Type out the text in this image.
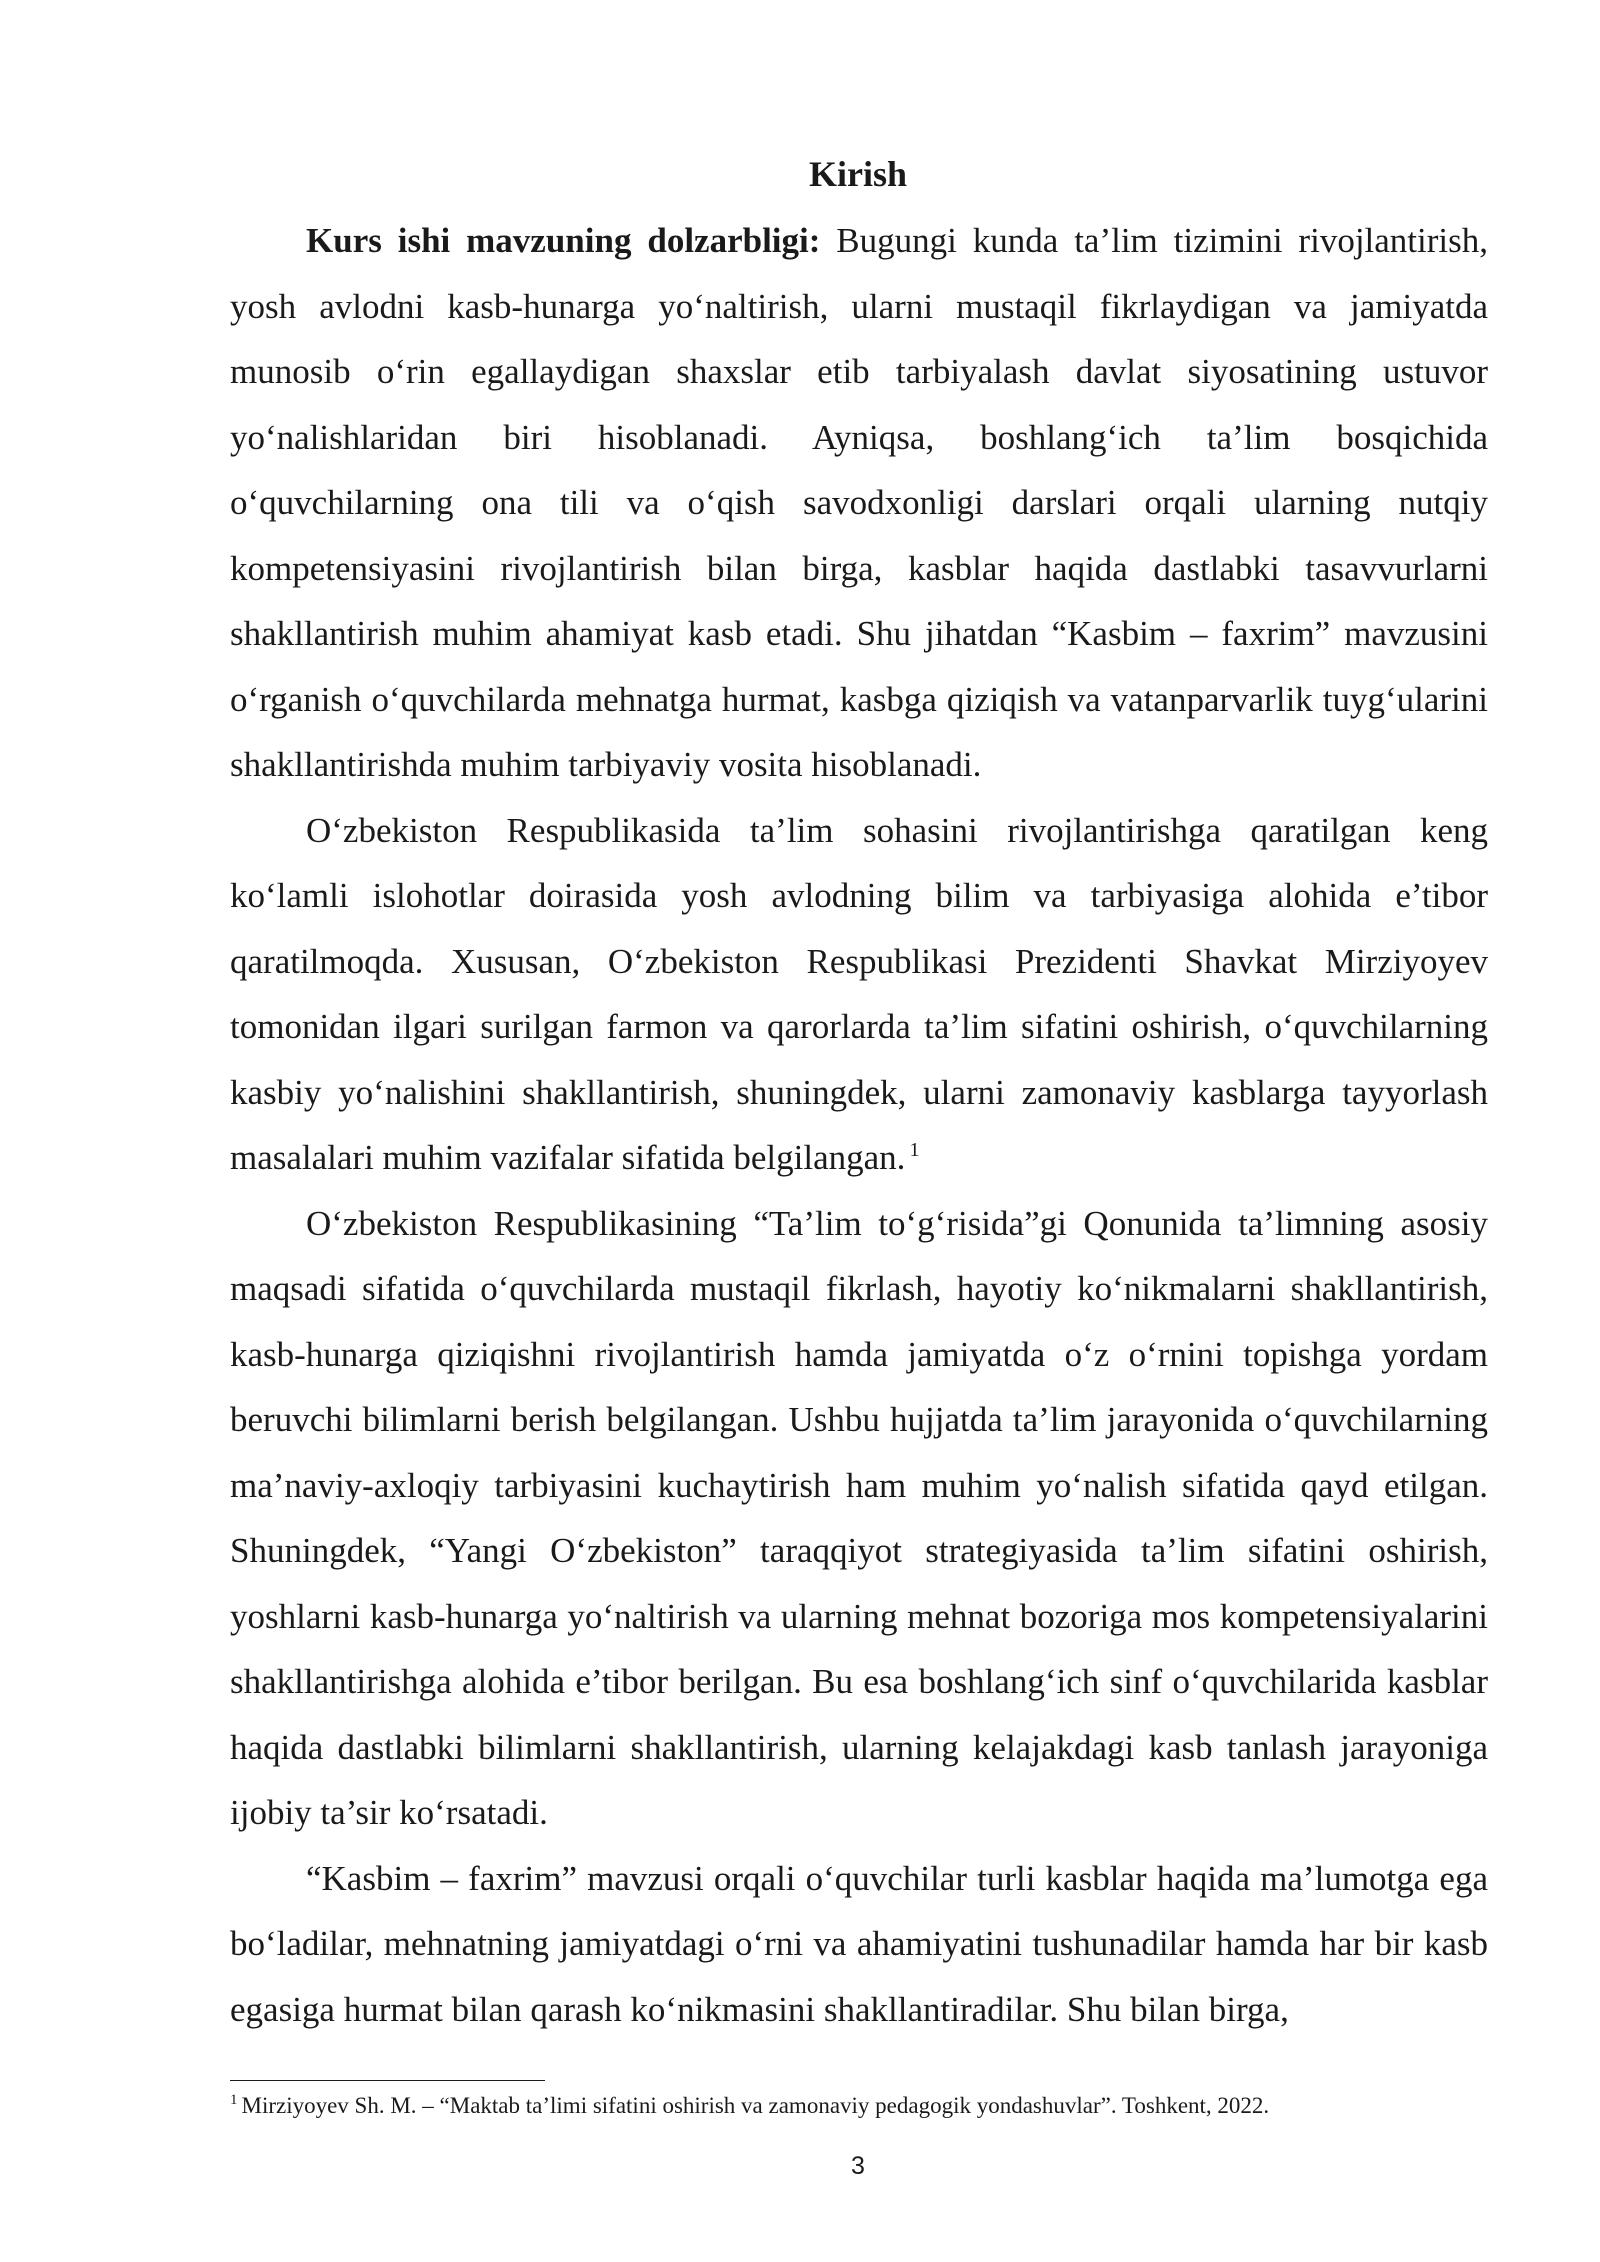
Kirish

Kurs ishi mavzuning dolzarbligi: Bugungi kunda ta’lim tizimini rivojlantirish, yosh avlodni kasb-hunarga yo‘naltirish, ularni mustaqil fikrlaydigan va jamiyatda munosib o‘rin egallaydigan shaxslar etib tarbiyalash davlat siyosatining ustuvor yo‘nalishlaridan biri hisoblanadi. Ayniqsa, boshlang‘ich ta’lim bosqichida o‘quvchilarning ona tili va o‘qish savodxonligi darslari orqali ularning nutqiy kompetensiyasini rivojlantirish bilan birga, kasblar haqida dastlabki tasavvurlarni shakllantirish muhim ahamiyat kasb etadi. Shu jihatdan “Kasbim – faxrim” mavzusini o‘rganish o‘quvchilarda mehnatga hurmat, kasbga qiziqish va vatanparvarlik tuyg‘ularini shakllantirishda muhim tarbiyaviy vosita hisoblanadi.

O‘zbekiston Respublikasida ta’lim sohasini rivojlantirishga qaratilgan keng ko‘lamli islohotlar doirasida yosh avlodning bilim va tarbiyasiga alohida e’tibor qaratilmoqda. Xususan, O‘zbekiston Respublikasi Prezidenti Shavkat Mirziyoyev tomonidan ilgari surilgan farmon va qarorlarda ta’lim sifatini oshirish, o‘quvchilarning kasbiy yo‘nalishini shakllantirish, shuningdek, ularni zamonaviy kasblarga tayyorlash masalalari muhim vazifalar sifatida belgilangan. $^1$

O‘zbekiston Respublikasining “Ta’lim to‘g‘risida”gi Qonunida ta’limning asosiy maqsadi sifatida o‘quvchilarda mustaqil fikrlash, hayotiy ko‘nikmalarni shakllantirish, kasb-hunarga qiziqishni rivojlantirish hamda jamiyatda o‘z o‘rnini topishga yordam beruvchi bilimlarni berish belgilangan. Ushbu hujjatda ta’lim jarayonida o‘quvchilarning ma’naviy-axloqiy tarbiyasini kuchaytirish ham muhim yo‘nalish sifatida qayd etilgan. Shuningdek, “Yangi O‘zbekiston” taraqqiyot strategiyasida ta’lim sifatini oshirish, yoshlarni kasb-hunarga yo‘naltirish va ularning mehnat bozoriga mos kompetensiyalarini shakllantirishga alohida e’tibor berilgan. Bu esa boshlang‘ich sinf o‘quvchilarida kasblar haqida dastlabki bilimlarni shakllantirish, ularning kelajakdagi kasb tanlash jarayoniga ijobiy ta’sir ko‘rsatadi.

“Kasbim – faxrim” mavzusi orqali o‘quvchilar turli kasblar haqida ma’lumotga ega bo‘ladilar, mehnatning jamiyatdagi o‘rni va ahamiyatini tushunadilar hamda har bir kasb egasiga hurmat bilan qarash ko‘nikmasini shakllantiradilar. Shu bilan birga,

$^1$ Mirziyoyev Sh. M. – “Maktab ta’limi sifatini oshirish va zamonaviy pedagogik yondashuvlar”. Toshkent, 2022.

3
